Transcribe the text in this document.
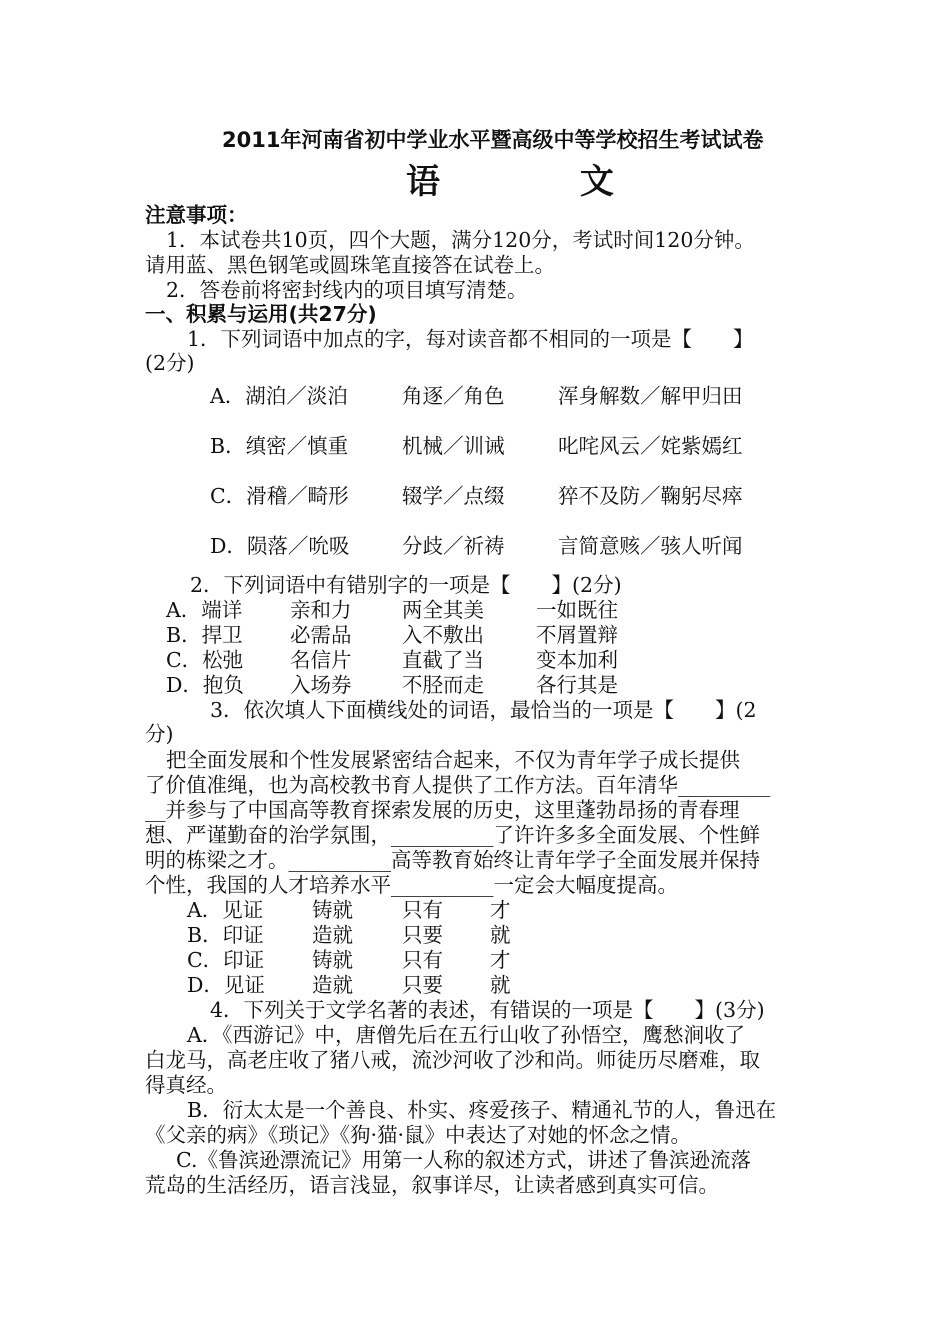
2011年河南省初中学业水平暨高级中等学校招生考试试卷
语 文
注意事项：
1．本试卷共10页，四个大题，满分120分，考试时间120分钟。
请用蓝、黑色钢笔或圆珠笔直接答在试卷上。
2．答卷前将密封线内的项目填写清楚。
一、积累与运用(共27分)
1．下列词语中加点的字，每对读音都不相同的一项是【　　】
(2分)
A．湖泊／淡泊	角逐／角色	浑身解数／解甲归田
B．缜密／慎重	机械／训诫	叱咤风云／姹紫嫣红
C．滑稽／畸形	辍学／点缀	猝不及防／鞠躬尽瘁
D．陨落／吮吸	分歧／祈祷	言简意赅／骇人听闻
2．下列词语中有错别字的一项是【　　】(2分)
A．端详 亲和力 两全其美	一如既往
B．捍卫 必需品 入不敷出	不屑置辩
C．松弛 名信片 直截了当	变本加利
D．抱负 入场券 不胫而走	各行其是
3．依次填人下面横线处的词语，最恰当的一项是【　　】(2
分)
把全面发展和个性发展紧密结合起来，不仅为青年学子成长提供
了价值准绳，也为高校教书育人提供了工作方法。百年清华_________
__并参与了中国高等教育探索发展的历史，这里蓬勃昂扬的青春理
想、严谨勤奋的治学氛围，__________了许许多多全面发展、个性鲜
明的栋梁之才。__________高等教育始终让青年学子全面发展并保持
个性，我国的人才培养水平__________一定会大幅度提高。
A．见证 铸就 只有 才
B．印证 造就 只要 就
C．印证 铸就 只有 才
D．见证 造就 只要 就
4．下列关于文学名著的表述，有错误的一项是【　　】(3分)
A．《西游记》中，唐僧先后在五行山收了孙悟空，鹰愁涧收了
白龙马，高老庄收了猪八戒，流沙河收了沙和尚。师徒历尽磨难，取
得真经。
B．衍太太是一个善良、朴实、疼爱孩子、精通礼节的人，鲁迅在
《父亲的病》《琐记》《狗·猫·鼠》中表达了对她的怀念之情。
C.《鲁滨逊漂流记》用第一人称的叙述方式，讲述了鲁滨逊流落
荒岛的生活经历，语言浅显，叙事详尽，让读者感到真实可信。
